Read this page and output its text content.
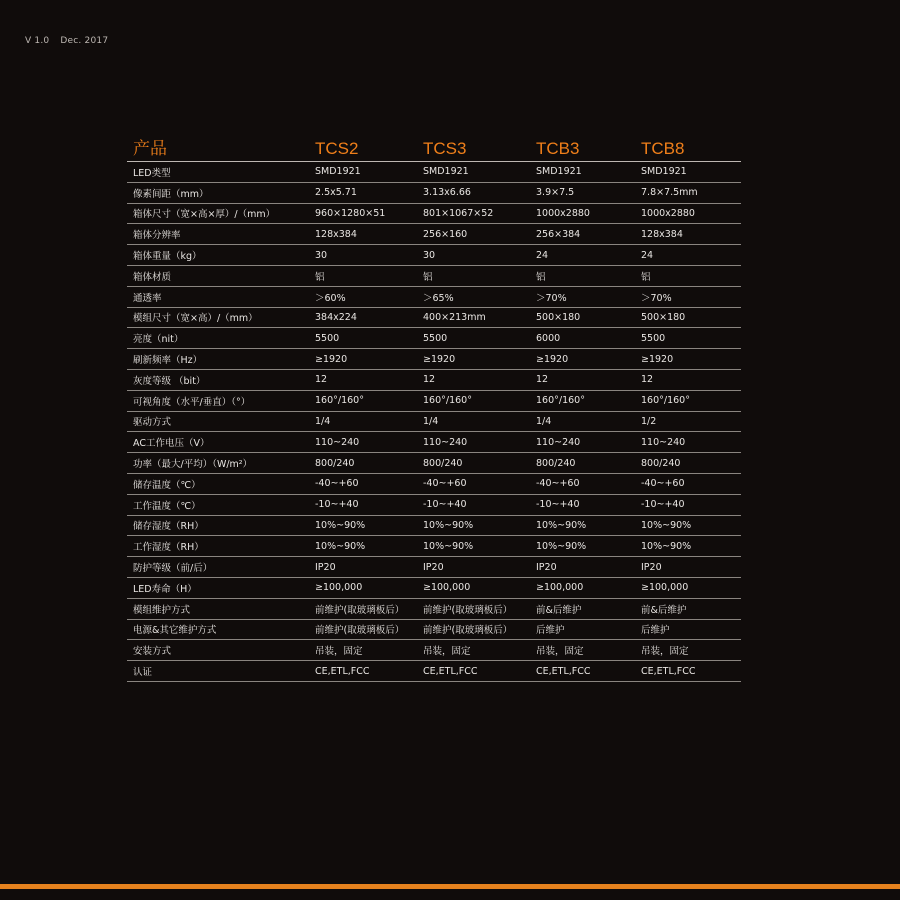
V 1.0 Dec. 2017
产品	TCS2	TCS3	TCB3	TCB8
LED类型	SMD1921	SMD1921	SMD1921	SMD1921
像素间距（mm）	2.5x5.71	3.13x6.66	3.9×7.5	7.8×7.5mm
箱体尺寸（宽×高×厚）/（mm）	960×1280×51	801×1067×52	1000x2880	1000x2880
箱体分辨率	128x384	256×160	256×384	128x384
箱体重量（kg）	30	30	24	24
箱体材质	铝	铝	铝	铝
通透率	＞60%	＞65%	＞70%	＞70%
模组尺寸（宽×高）/（mm）	384x224	400×213mm	500×180	500×180
亮度（nit）	5500	5500	6000	5500
刷新频率（Hz）	≥1920	≥1920	≥1920	≥1920
灰度等级 （bit）	12	12	12	12
可视角度（水平/垂直）（°）	160°/160°	160°/160°	160°/160°	160°/160°
驱动方式	1/4	1/4	1/4	1/2
AC工作电压（V）	110~240	110~240	110~240	110~240
功率（最大/平均）（W/m²）	800/240	800/240	800/240	800/240
储存温度（℃）	-40~+60	-40~+60	-40~+60	-40~+60
工作温度（℃）	-10~+40	-10~+40	-10~+40	-10~+40
储存湿度（RH）	10%~90%	10%~90%	10%~90%	10%~90%
工作湿度（RH）	10%~90%	10%~90%	10%~90%	10%~90%
防护等级（前/后）	IP20	IP20	IP20	IP20
LED寿命（H）	≥100,000	≥100,000	≥100,000	≥100,000
模组维护方式	前维护(取玻璃板后）	前维护(取玻璃板后）	前&后维护	前&后维护
电源&其它维护方式	前维护(取玻璃板后）	前维护(取玻璃板后）	后维护	后维护
安装方式	吊装，固定	吊装，固定	吊装，固定	吊装，固定
认证	CE,ETL,FCC	CE,ETL,FCC	CE,ETL,FCC	CE,ETL,FCC
